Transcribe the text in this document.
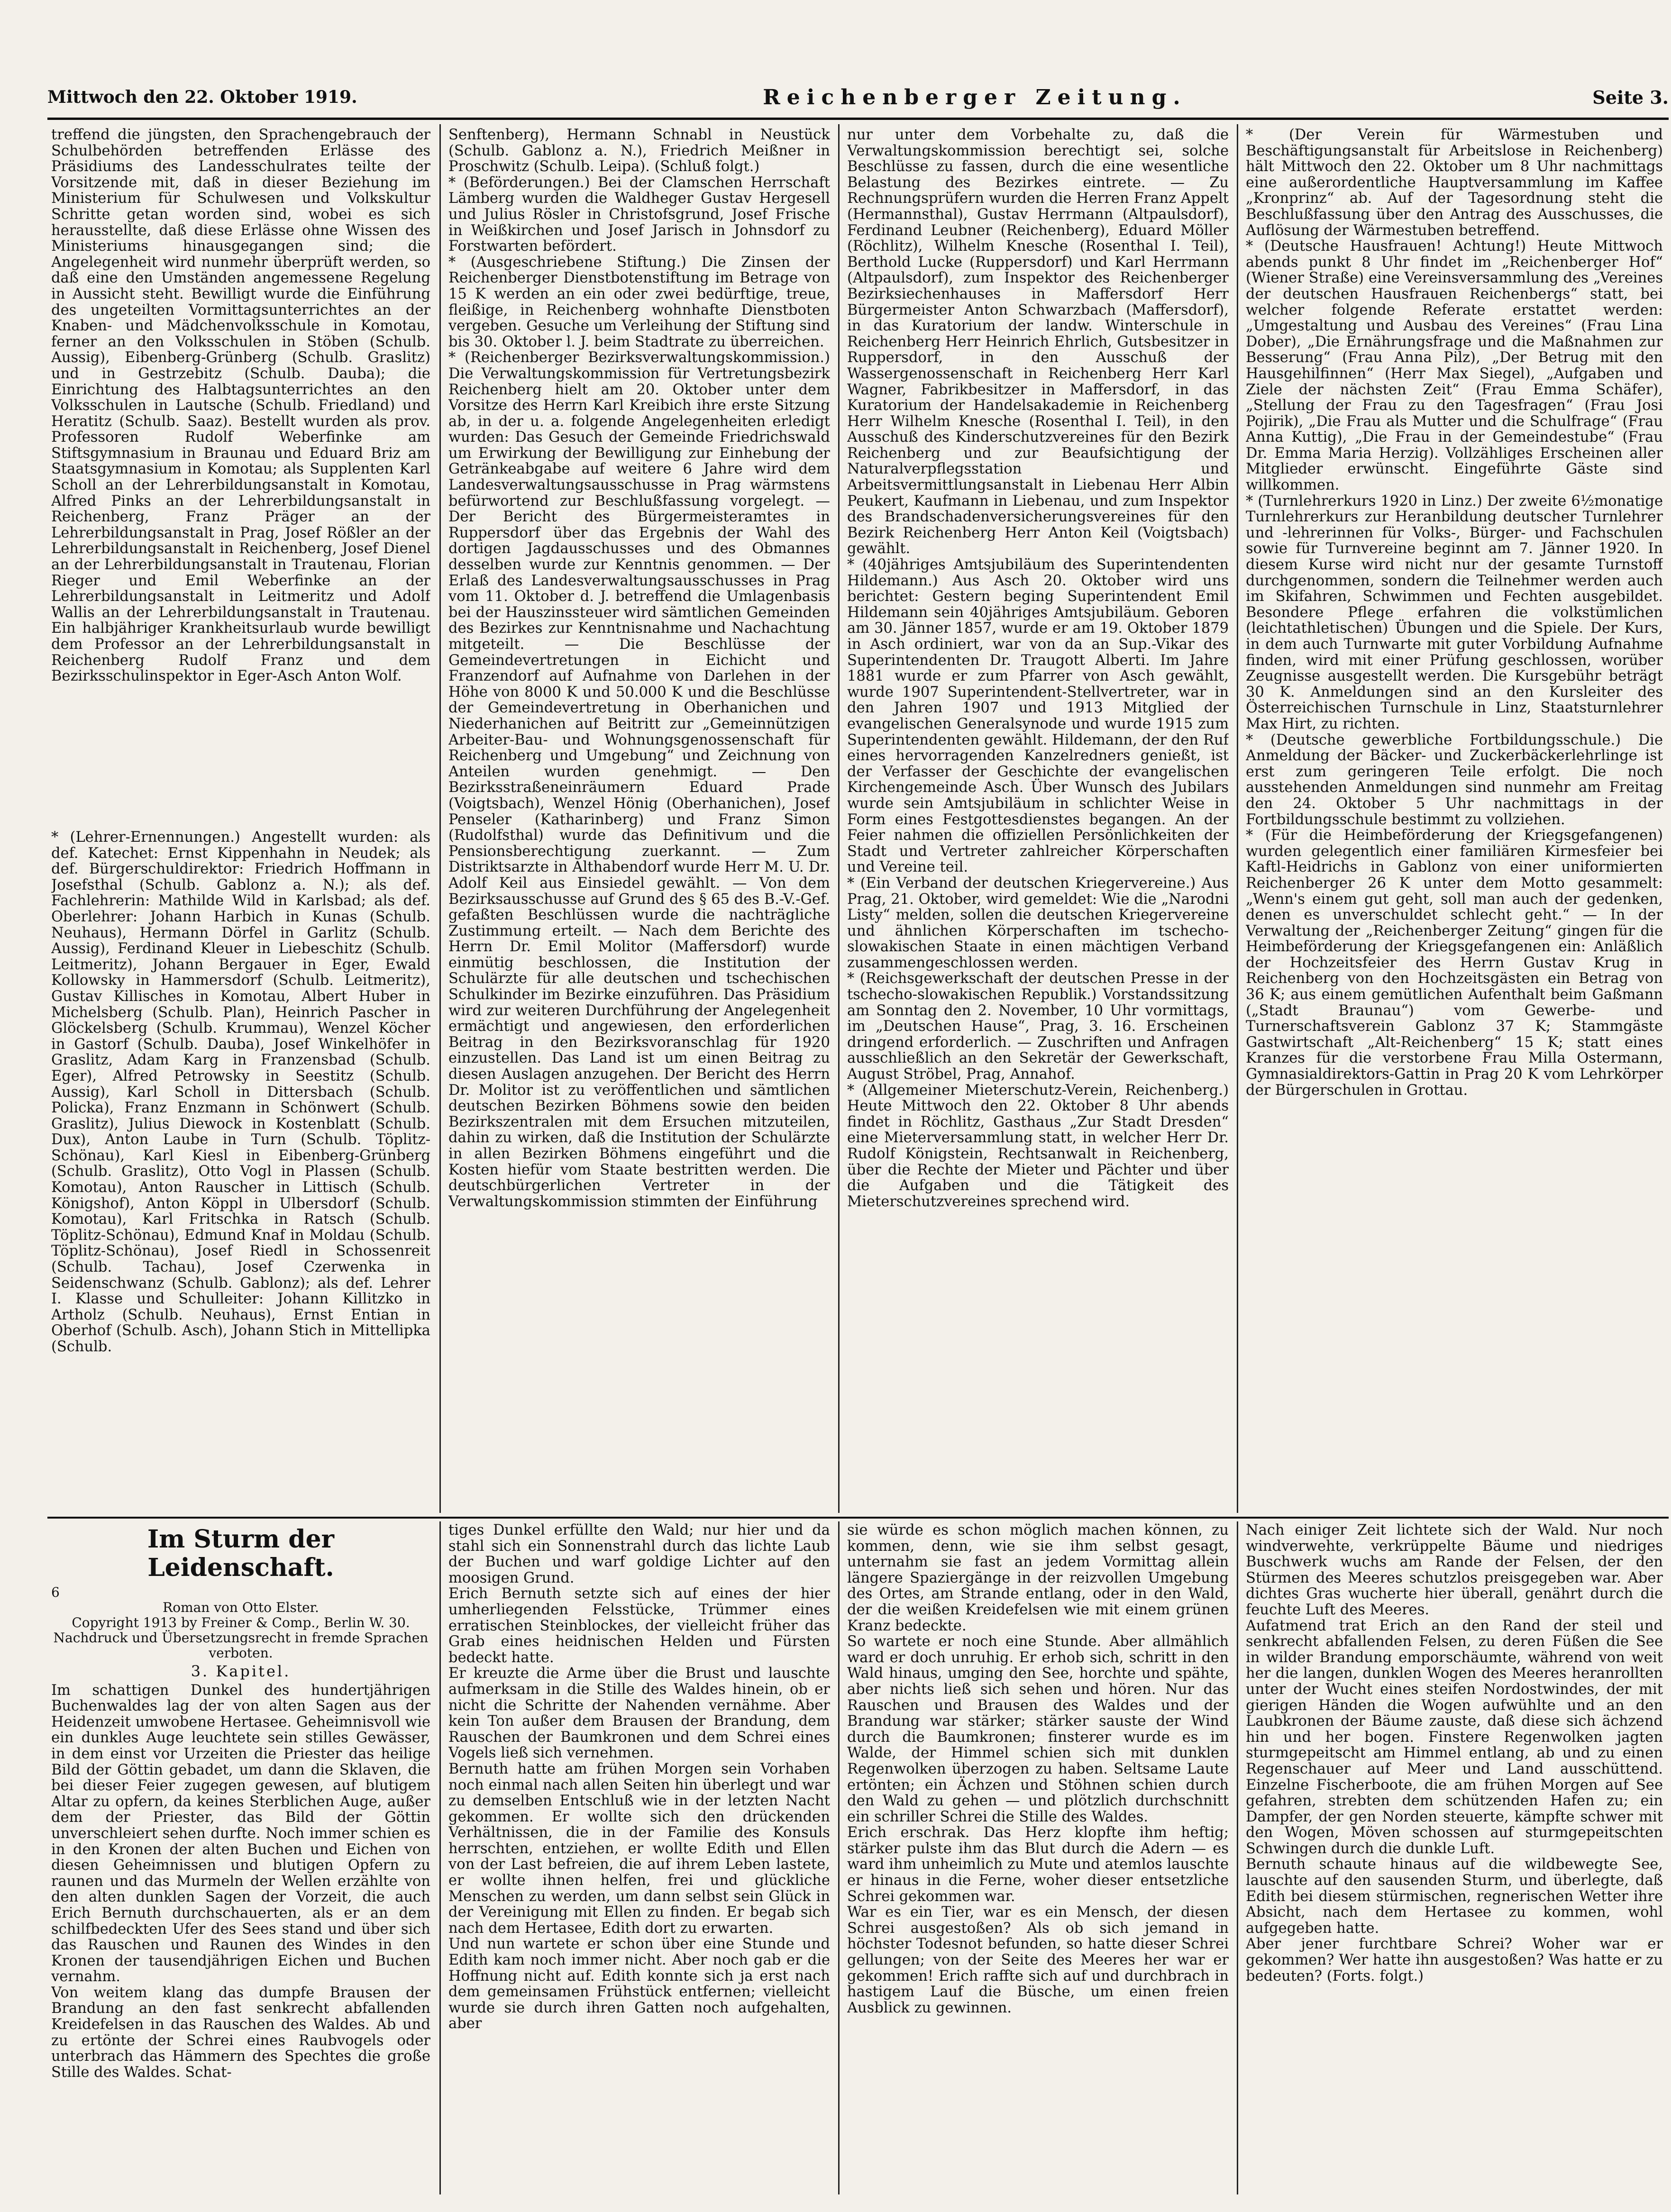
Mittwoch den 22. Oktober 1919.	Reichenberger Zeitung.	Seite 3.
treffend die jüngsten, den Sprachengebrauch der Schulbehörden betreffenden Erlässe des Präsidiums des Landesschulrates teilte der Vorsitzende mit, daß in dieser Beziehung im Ministerium für Schulwesen und Volkskultur Schritte getan worden sind, wobei es sich herausstellte, daß diese Erlässe ohne Wissen des Ministeriums hinausgegangen sind; die Angelegenheit wird nunmehr überprüft werden, so daß eine den Umständen angemessene Regelung in Aussicht steht. Bewilligt wurde die Einführung des ungeteilten Vormittagsunterrichtes an der Knaben- und Mädchenvolksschule in Komotau, ferner an den Volksschulen in Stöben (Schulb. Aussig), Eibenberg-Grünberg (Schulb. Graslitz) und in Gestrzebitz (Schulb. Dauba); die Einrichtung des Halbtagsunterrichtes an den Volksschulen in Lautsche (Schulb. Friedland) und Heratitz (Schulb. Saaz). Bestellt wurden als prov. Professoren Rudolf Weberfinke am Stiftsgymnasium in Braunau und Eduard Briz am Staatsgymnasium in Komotau; als Supplenten Karl Scholl an der Lehrerbildungsanstalt in Komotau, Alfred Pinks an der Lehrerbildungsanstalt in Reichenberg, Franz Präger an der Lehrerbildungsanstalt in Prag, Josef Rößler an der Lehrerbildungsanstalt in Reichenberg, Josef Dienel an der Lehrerbildungsanstalt in Trautenau, Florian Rieger und Emil Weberfinke an der Lehrerbildungsanstalt in Leitmeritz und Adolf Wallis an der Lehrerbildungsanstalt in Trautenau. Ein halbjähriger Krankheitsurlaub wurde bewilligt dem Professor an der Lehrerbildungsanstalt in Reichenberg Rudolf Franz und dem Bezirksschulinspektor in Eger-Asch Anton Wolf.
* (Lehrer-Ernennungen.) Angestellt wurden: als def. Katechet: Ernst Kippenhahn in Neudek; als def. Bürgerschuldirektor: Friedrich Hoffmann in Josefsthal (Schulb. Gablonz a. N.); als def. Fachlehrerin: Mathilde Wild in Karlsbad; als def. Oberlehrer: Johann Harbich in Kunas (Schulb. Neuhaus), Hermann Dörfel in Garlitz (Schulb. Aussig), Ferdinand Kleuer in Liebeschitz (Schulb. Leitmeritz), Johann Bergauer in Eger, Ewald Kollowsky in Hammersdorf (Schulb. Leitmeritz), Gustav Killisches in Komotau, Albert Huber in Michelsberg (Schulb. Plan), Heinrich Pascher in Glöckelsberg (Schulb. Krummau), Wenzel Köcher in Gastorf (Schulb. Dauba), Josef Winkelhöfer in Graslitz, Adam Karg in Franzensbad (Schulb. Eger), Alfred Petrowsky in Seestitz (Schulb. Aussig), Karl Scholl in Dittersbach (Schulb. Policka), Franz Enzmann in Schönwert (Schulb. Graslitz), Julius Diewock in Kostenblatt (Schulb. Dux), Anton Laube in Turn (Schulb. Töplitz-Schönau), Karl Kiesl in Eibenberg-Grünberg (Schulb. Graslitz), Otto Vogl in Plassen (Schulb. Komotau), Anton Rauscher in Littisch (Schulb. Königshof), Anton Köppl in Ulbersdorf (Schulb. Komotau), Karl Fritschka in Ratsch (Schulb. Töplitz-Schönau), Edmund Knaf in Moldau (Schulb. Töplitz-Schönau), Josef Riedl in Schossenreit (Schulb. Tachau), Josef Czerwenka in Seidenschwanz (Schulb. Gablonz); als def. Lehrer I. Klasse und Schulleiter: Johann Killitzko in Artholz (Schulb. Neuhaus), Ernst Entian in Oberhof (Schulb. Asch), Johann Stich in Mittellipka (Schulb.
Senftenberg), Hermann Schnabl in Neustück (Schulb. Gablonz a. N.), Friedrich Meißner in Proschwitz (Schulb. Leipa). (Schluß folgt.)
* (Beförderungen.) Bei der Clamschen Herrschaft Lämberg wurden die Waldheger Gustav Hergesell und Julius Rösler in Christofsgrund, Josef Frische in Weißkirchen und Josef Jarisch in Johnsdorf zu Forstwarten befördert.
* (Ausgeschriebene Stiftung.) Die Zinsen der Reichenberger Dienstbotenstiftung im Betrage von 15 K werden an ein oder zwei bedürftige, treue, fleißige, in Reichenberg wohnhafte Dienstboten vergeben. Gesuche um Verleihung der Stiftung sind bis 30. Oktober l. J. beim Stadtrate zu überreichen.
* (Reichenberger Bezirksverwaltungskommission.) Die Verwaltungskommission für Vertretungsbezirk Reichenberg hielt am 20. Oktober unter dem Vorsitze des Herrn Karl Kreibich ihre erste Sitzung ab, in der u. a. folgende Angelegenheiten erledigt wurden: Das Gesuch der Gemeinde Friedrichswald um Erwirkung der Bewilligung zur Einhebung der Getränkeabgabe auf weitere 6 Jahre wird dem Landesverwaltungsausschusse in Prag wärmstens befürwortend zur Beschlußfassung vorgelegt. — Der Bericht des Bürgermeisteramtes in Ruppersdorf über das Ergebnis der Wahl des dortigen Jagdausschusses und des Obmannes desselben wurde zur Kenntnis genommen. — Der Erlaß des Landesverwaltungsausschusses in Prag vom 11. Oktober d. J. betreffend die Umlagenbasis bei der Hauszinssteuer wird sämtlichen Gemeinden des Bezirkes zur Kenntnisnahme und Nachachtung mitgeteilt. — Die Beschlüsse der Gemeindevertretungen in Eichicht und Franzendorf auf Aufnahme von Darlehen in der Höhe von 8000 K und 50.000 K und die Beschlüsse der Gemeindevertretung in Oberhanichen und Niederhanichen auf Beitritt zur „Gemeinnützigen Arbeiter-Bau- und Wohnungsgenossenschaft für Reichenberg und Umgebung“ und Zeichnung von Anteilen wurden genehmigt. — Den Bezirksstraßeneinräumern Eduard Prade (Voigtsbach), Wenzel Hönig (Oberhanichen), Josef Penseler (Katharinberg) und Franz Simon (Rudolfsthal) wurde das Definitivum und die Pensionsberechtigung zuerkannt. — Zum Distriktsarzte in Althabendorf wurde Herr M. U. Dr. Adolf Keil aus Einsiedel gewählt. — Von dem Bezirksausschusse auf Grund des § 65 des B.-V.-Gef. gefaßten Beschlüssen wurde die nachträgliche Zustimmung erteilt. — Nach dem Berichte des Herrn Dr. Emil Molitor (Maffersdorf) wurde einmütig beschlossen, die Institution der Schulärzte für alle deutschen und tschechischen Schulkinder im Bezirke einzuführen. Das Präsidium wird zur weiteren Durchführung der Angelegenheit ermächtigt und angewiesen, den erforderlichen Beitrag in den Bezirksvoranschlag für 1920 einzustellen. Das Land ist um einen Beitrag zu diesen Auslagen anzugehen. Der Bericht des Herrn Dr. Molitor ist zu veröffentlichen und sämtlichen deutschen Bezirken Böhmens sowie den beiden Bezirkszentralen mit dem Ersuchen mitzuteilen, dahin zu wirken, daß die Institution der Schulärzte in allen Bezirken Böhmens eingeführt und die Kosten hiefür vom Staate bestritten werden. Die deutschbürgerlichen Vertreter in der Verwaltungskommission stimmten der Einführung
nur unter dem Vorbehalte zu, daß die Verwaltungskommission berechtigt sei, solche Beschlüsse zu fassen, durch die eine wesentliche Belastung des Bezirkes eintrete. — Zu Rechnungsprüfern wurden die Herren Franz Appelt (Hermannsthal), Gustav Herrmann (Altpaulsdorf), Ferdinand Leubner (Reichenberg), Eduard Möller (Röchlitz), Wilhelm Knesche (Rosenthal I. Teil), Berthold Lucke (Ruppersdorf) und Karl Herrmann (Altpaulsdorf), zum Inspektor des Reichenberger Bezirksiechenhauses in Maffersdorf Herr Bürgermeister Anton Schwarzbach (Maffersdorf), in das Kuratorium der landw. Winterschule in Reichenberg Herr Heinrich Ehrlich, Gutsbesitzer in Ruppersdorf, in den Ausschuß der Wassergenossenschaft in Reichenberg Herr Karl Wagner, Fabrikbesitzer in Maffersdorf, in das Kuratorium der Handelsakademie in Reichenberg Herr Wilhelm Knesche (Rosenthal I. Teil), in den Ausschuß des Kinderschutzvereines für den Bezirk Reichenberg und zur Beaufsichtigung der Naturalverpflegsstation und Arbeitsvermittlungsanstalt in Liebenau Herr Albin Peukert, Kaufmann in Liebenau, und zum Inspektor des Brandschadenversicherungsvereines für den Bezirk Reichenberg Herr Anton Keil (Voigtsbach) gewählt.
* (40jähriges Amtsjubiläum des Superintendenten Hildemann.) Aus Asch 20. Oktober wird uns berichtet: Gestern beging Superintendent Emil Hildemann sein 40jähriges Amtsjubiläum. Geboren am 30. Jänner 1857, wurde er am 19. Oktober 1879 in Asch ordiniert, war von da an Sup.-Vikar des Superintendenten Dr. Traugott Alberti. Im Jahre 1881 wurde er zum Pfarrer von Asch gewählt, wurde 1907 Superintendent-Stellvertreter, war in den Jahren 1907 und 1913 Mitglied der evangelischen Generalsynode und wurde 1915 zum Superintendenten gewählt. Hildemann, der den Ruf eines hervorragenden Kanzelredners genießt, ist der Verfasser der Geschichte der evangelischen Kirchengemeinde Asch. Über Wunsch des Jubilars wurde sein Amtsjubiläum in schlichter Weise in Form eines Festgottesdienstes begangen. An der Feier nahmen die offiziellen Persönlichkeiten der Stadt und Vertreter zahlreicher Körperschaften und Vereine teil.
* (Ein Verband der deutschen Kriegervereine.) Aus Prag, 21. Oktober, wird gemeldet: Wie die „Narodni Listy“ melden, sollen die deutschen Kriegervereine und ähnlichen Körperschaften im tschecho-slowakischen Staate in einen mächtigen Verband zusammengeschlossen werden.
* (Reichsgewerkschaft der deutschen Presse in der tschecho-slowakischen Republik.) Vorstandssitzung am Sonntag den 2. November, 10 Uhr vormittags, im „Deutschen Hause“, Prag, 3. 16. Erscheinen dringend erforderlich. — Zuschriften und Anfragen ausschließlich an den Sekretär der Gewerkschaft, August Ströbel, Prag, Annahof.
* (Allgemeiner Mieterschutz-Verein, Reichenberg.) Heute Mittwoch den 22. Oktober 8 Uhr abends findet in Röchlitz, Gasthaus „Zur Stadt Dresden“ eine Mieterversammlung statt, in welcher Herr Dr. Rudolf Königstein, Rechtsanwalt in Reichenberg, über die Rechte der Mieter und Pächter und über die Aufgaben und die Tätigkeit des Mieterschutzvereines sprechend wird.
* (Der Verein für Wärmestuben und Beschäftigungsanstalt für Arbeitslose in Reichenberg) hält Mittwoch den 22. Oktober um 8 Uhr nachmittags eine außerordentliche Hauptversammlung im Kaffee „Kronprinz“ ab. Auf der Tagesordnung steht die Beschlußfassung über den Antrag des Ausschusses, die Auflösung der Wärmestuben betreffend.
* (Deutsche Hausfrauen! Achtung!) Heute Mittwoch abends punkt 8 Uhr findet im „Reichenberger Hof“ (Wiener Straße) eine Vereinsversammlung des „Vereines der deutschen Hausfrauen Reichenbergs“ statt, bei welcher folgende Referate erstattet werden: „Umgestaltung und Ausbau des Vereines“ (Frau Lina Dober), „Die Ernährungsfrage und die Maßnahmen zur Besserung“ (Frau Anna Pilz), „Der Betrug mit den Hausgehilfinnen“ (Herr Max Siegel), „Aufgaben und Ziele der nächsten Zeit“ (Frau Emma Schäfer), „Stellung der Frau zu den Tagesfragen“ (Frau Josi Pojirik), „Die Frau als Mutter und die Schulfrage“ (Frau Anna Kuttig), „Die Frau in der Gemeindestube“ (Frau Dr. Emma Maria Herzig). Vollzähliges Erscheinen aller Mitglieder erwünscht. Eingeführte Gäste sind willkommen.
* (Turnlehrerkurs 1920 in Linz.) Der zweite 6½monatige Turnlehrerkurs zur Heranbildung deutscher Turnlehrer und -lehrerinnen für Volks-, Bürger- und Fachschulen sowie für Turnvereine beginnt am 7. Jänner 1920. In diesem Kurse wird nicht nur der gesamte Turnstoff durchgenommen, sondern die Teilnehmer werden auch im Skifahren, Schwimmen und Fechten ausgebildet. Besondere Pflege erfahren die volkstümlichen (leichtathletischen) Übungen und die Spiele. Der Kurs, in dem auch Turnwarte mit guter Vorbildung Aufnahme finden, wird mit einer Prüfung geschlossen, worüber Zeugnisse ausgestellt werden. Die Kursgebühr beträgt 30 K. Anmeldungen sind an den Kursleiter des Österreichischen Turnschule in Linz, Staatsturnlehrer Max Hirt, zu richten.
* (Deutsche gewerbliche Fortbildungsschule.) Die Anmeldung der Bäcker- und Zuckerbäckerlehrlinge ist erst zum geringeren Teile erfolgt. Die noch ausstehenden Anmeldungen sind nunmehr am Freitag den 24. Oktober 5 Uhr nachmittags in der Fortbildungsschule bestimmt zu vollziehen.
* (Für die Heimbeförderung der Kriegsgefangenen) wurden gelegentlich einer familiären Kirmesfeier bei Kaftl-Heidrichs in Gablonz von einer uniformierten Reichenberger 26 K unter dem Motto gesammelt: „Wenn's einem gut geht, soll man auch der gedenken, denen es unverschuldet schlecht geht.“ — In der Verwaltung der „Reichenberger Zeitung“ gingen für die Heimbeförderung der Kriegsgefangenen ein: Anläßlich der Hochzeitsfeier des Herrn Gustav Krug in Reichenberg von den Hochzeitsgästen ein Betrag von 36 K; aus einem gemütlichen Aufenthalt beim Gaßmann („Stadt Braunau“) vom Gewerbe- und Turnerschaftsverein Gablonz 37 K; Stammgäste Gastwirtschaft „Alt-Reichenberg“ 15 K; statt eines Kranzes für die verstorbene Frau Milla Ostermann, Gymnasialdirektors-Gattin in Prag 20 K vom Lehrkörper der Bürgerschulen in Grottau.
Im Sturm der Leidenschaft.
6
Roman von Otto Elster.
Copyright 1913 by Freiner & Comp., Berlin W. 30.
Nachdruck und Übersetzungsrecht in fremde Sprachen verboten.
3. Kapitel.
Im schattigen Dunkel des hundertjährigen Buchenwaldes lag der von alten Sagen aus der Heidenzeit umwobene Hertasee. Geheimnisvoll wie ein dunkles Auge leuchtete sein stilles Gewässer, in dem einst vor Urzeiten die Priester das heilige Bild der Göttin gebadet, um dann die Sklaven, die bei dieser Feier zugegen gewesen, auf blutigem Altar zu opfern, da keines Sterblichen Auge, außer dem der Priester, das Bild der Göttin unverschleiert sehen durfte. Noch immer schien es in den Kronen der alten Buchen und Eichen von diesen Geheimnissen und blutigen Opfern zu raunen und das Murmeln der Wellen erzählte von den alten dunklen Sagen der Vorzeit, die auch Erich Bernuth durchschauerten, als er an dem schilfbedeckten Ufer des Sees stand und über sich das Rauschen und Raunen des Windes in den Kronen der tausendjährigen Eichen und Buchen vernahm.
Von weitem klang das dumpfe Brausen der Brandung an den fast senkrecht abfallenden Kreidefelsen in das Rauschen des Waldes. Ab und zu ertönte der Schrei eines Raubvogels oder unterbrach das Hämmern des Spechtes die große Stille des Waldes. Schat-
tiges Dunkel erfüllte den Wald; nur hier und da stahl sich ein Sonnenstrahl durch das lichte Laub der Buchen und warf goldige Lichter auf den moosigen Grund.
Erich Bernuth setzte sich auf eines der hier umherliegenden Felsstücke, Trümmer eines erratischen Steinblockes, der vielleicht früher das Grab eines heidnischen Helden und Fürsten bedeckt hatte.
Er kreuzte die Arme über die Brust und lauschte aufmerksam in die Stille des Waldes hinein, ob er nicht die Schritte der Nahenden vernähme. Aber kein Ton außer dem Brausen der Brandung, dem Rauschen der Baumkronen und dem Schrei eines Vogels ließ sich vernehmen.
Bernuth hatte am frühen Morgen sein Vorhaben noch einmal nach allen Seiten hin überlegt und war zu demselben Entschluß wie in der letzten Nacht gekommen. Er wollte sich den drückenden Verhältnissen, die in der Familie des Konsuls herrschten, entziehen, er wollte Edith und Ellen von der Last befreien, die auf ihrem Leben lastete, er wollte ihnen helfen, frei und glückliche Menschen zu werden, um dann selbst sein Glück in der Vereinigung mit Ellen zu finden. Er begab sich nach dem Hertasee, Edith dort zu erwarten.
Und nun wartete er schon über eine Stunde und Edith kam noch immer nicht. Aber noch gab er die Hoffnung nicht auf. Edith konnte sich ja erst nach dem gemeinsamen Frühstück entfernen; vielleicht wurde sie durch ihren Gatten noch aufgehalten, aber
sie würde es schon möglich machen können, zu kommen, denn, wie sie ihm selbst gesagt, unternahm sie fast an jedem Vormittag allein längere Spaziergänge in der reizvollen Umgebung des Ortes, am Strande entlang, oder in den Wald, der die weißen Kreidefelsen wie mit einem grünen Kranz bedeckte.
So wartete er noch eine Stunde. Aber allmählich ward er doch unruhig. Er erhob sich, schritt in den Wald hinaus, umging den See, horchte und spähte, aber nichts ließ sich sehen und hören. Nur das Rauschen und Brausen des Waldes und der Brandung war stärker; stärker sauste der Wind durch die Baumkronen; finsterer wurde es im Walde, der Himmel schien sich mit dunklen Regenwolken überzogen zu haben. Seltsame Laute ertönten; ein Ächzen und Stöhnen schien durch den Wald zu gehen — und plötzlich durchschnitt ein schriller Schrei die Stille des Waldes.
Erich erschrak. Das Herz klopfte ihm heftig; stärker pulste ihm das Blut durch die Adern — es ward ihm unheimlich zu Mute und atemlos lauschte er hinaus in die Ferne, woher dieser entsetzliche Schrei gekommen war.
War es ein Tier, war es ein Mensch, der diesen Schrei ausgestoßen? Als ob sich jemand in höchster Todesnot befunden, so hatte dieser Schrei gellungen; von der Seite des Meeres her war er gekommen! Erich raffte sich auf und durchbrach in hastigem Lauf die Büsche, um einen freien Ausblick zu gewinnen.
Nach einiger Zeit lichtete sich der Wald. Nur noch windverwehte, verkrüppelte Bäume und niedriges Buschwerk wuchs am Rande der Felsen, der den Stürmen des Meeres schutzlos preisgegeben war. Aber dichtes Gras wucherte hier überall, genährt durch die feuchte Luft des Meeres.
Aufatmend trat Erich an den Rand der steil und senkrecht abfallenden Felsen, zu deren Füßen die See in wilder Brandung emporschäumte, während von weit her die langen, dunklen Wogen des Meeres heranrollten unter der Wucht eines steifen Nordostwindes, der mit gierigen Händen die Wogen aufwühlte und an den Laubkronen der Bäume zauste, daß diese sich ächzend hin und her bogen. Finstere Regenwolken jagten sturmgepeitscht am Himmel entlang, ab und zu einen Regenschauer auf Meer und Land ausschüttend. Einzelne Fischerboote, die am frühen Morgen auf See gefahren, strebten dem schützenden Hafen zu; ein Dampfer, der gen Norden steuerte, kämpfte schwer mit den Wogen, Möven schossen auf sturmgepeitschten Schwingen durch die dunkle Luft.
Bernuth schaute hinaus auf die wildbewegte See, lauschte auf den sausenden Sturm, und überlegte, daß Edith bei diesem stürmischen, regnerischen Wetter ihre Absicht, nach dem Hertasee zu kommen, wohl aufgegeben hatte.
Aber jener furchtbare Schrei? Woher war er gekommen? Wer hatte ihn ausgestoßen? Was hatte er zu bedeuten? (Forts. folgt.)
